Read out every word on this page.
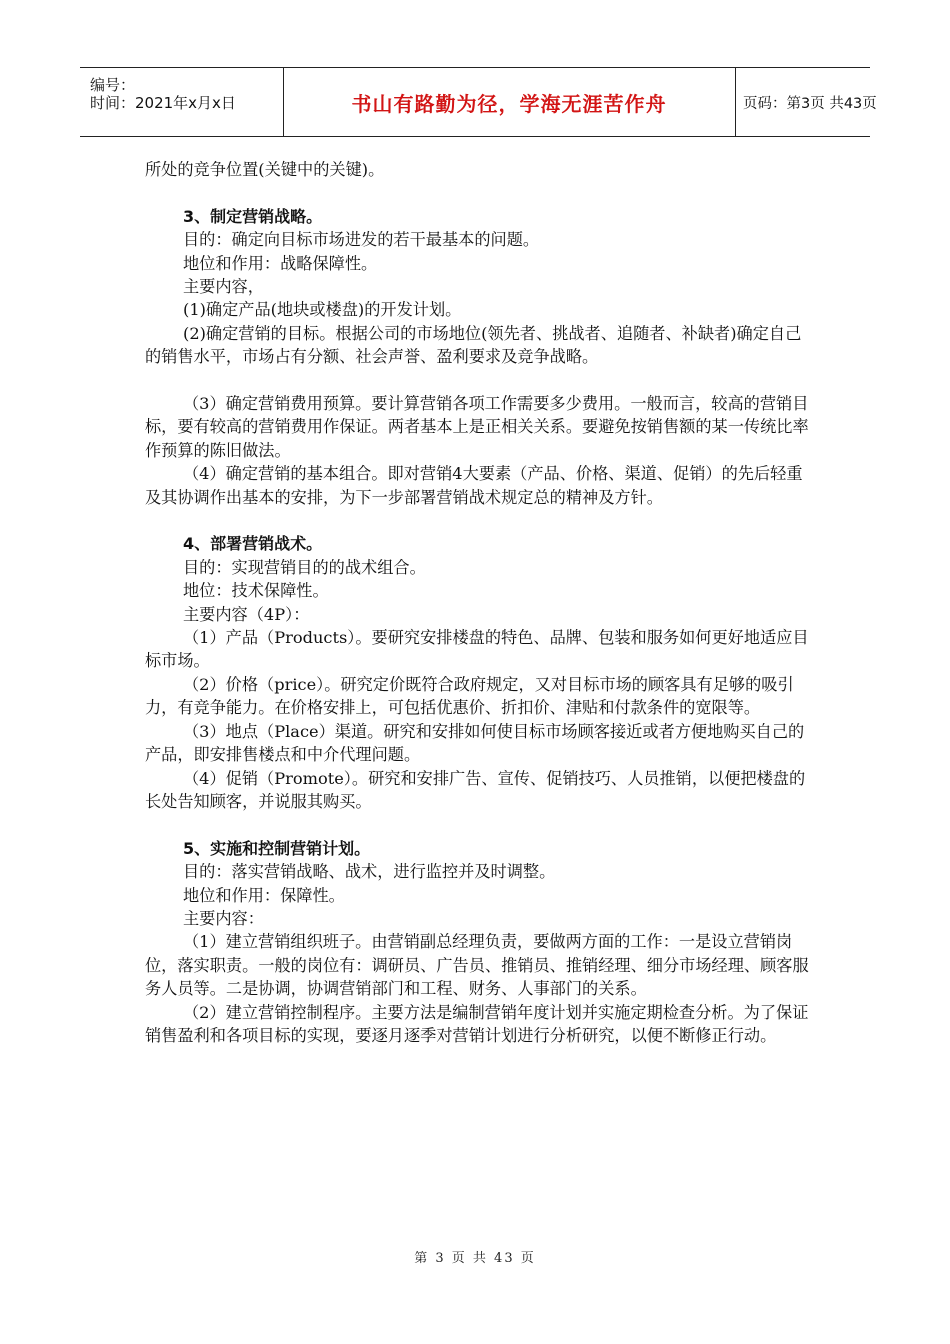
编号：
时间：2021年x月x日	书山有路勤为径，学海无涯苦作舟	页码：第3页 共43页

所处的竞争位置(关键中的关键)。

3、制定营销战略。

目的：确定向目标市场进发的若干最基本的问题。

地位和作用：战略保障性。

主要内容，

(1)确定产品(地块或楼盘)的开发计划。

(2)确定营销的目标。根据公司的市场地位(领先者、挑战者、追随者、补缺者)确定自己的销售水平，市场占有分额、社会声誉、盈利要求及竞争战略。

（3）确定营销费用预算。要计算营销各项工作需要多少费用。一般而言，较高的营销目标，要有较高的营销费用作保证。两者基本上是正相关关系。要避免按销售额的某一传统比率作预算的陈旧做法。

（4）确定营销的基本组合。即对营销4大要素（产品、价格、渠道、促销）的先后轻重及其协调作出基本的安排，为下一步部署营销战术规定总的精神及方针。

4、部署营销战术。

目的：实现营销目的的战术组合。

地位：技术保障性。

主要内容（4P）：

（1）产品（Products）。要研究安排楼盘的特色、品牌、包装和服务如何更好地适应目标市场。

（2）价格（price）。研究定价既符合政府规定，又对目标市场的顾客具有足够的吸引力，有竞争能力。在价格安排上，可包括优惠价、折扣价、津贴和付款条件的宽限等。

（3）地点（Place）渠道。研究和安排如何使目标市场顾客接近或者方便地购买自己的产品，即安排售楼点和中介代理问题。

（4）促销（Promote）。研究和安排广告、宣传、促销技巧、人员推销，以便把楼盘的长处告知顾客，并说服其购买。

5、实施和控制营销计划。

目的：落实营销战略、战术，进行监控并及时调整。

地位和作用：保障性。

主要内容：

（1）建立营销组织班子。由营销副总经理负责，要做两方面的工作：一是设立营销岗位，落实职责。一般的岗位有：调研员、广告员、推销员、推销经理、细分市场经理、顾客服务人员等。二是协调，协调营销部门和工程、财务、人事部门的关系。

（2）建立营销控制程序。主要方法是编制营销年度计划并实施定期检查分析。为了保证销售盈利和各项目标的实现，要逐月逐季对营销计划进行分析研究，以便不断修正行动。

第 3 页 共 43 页
